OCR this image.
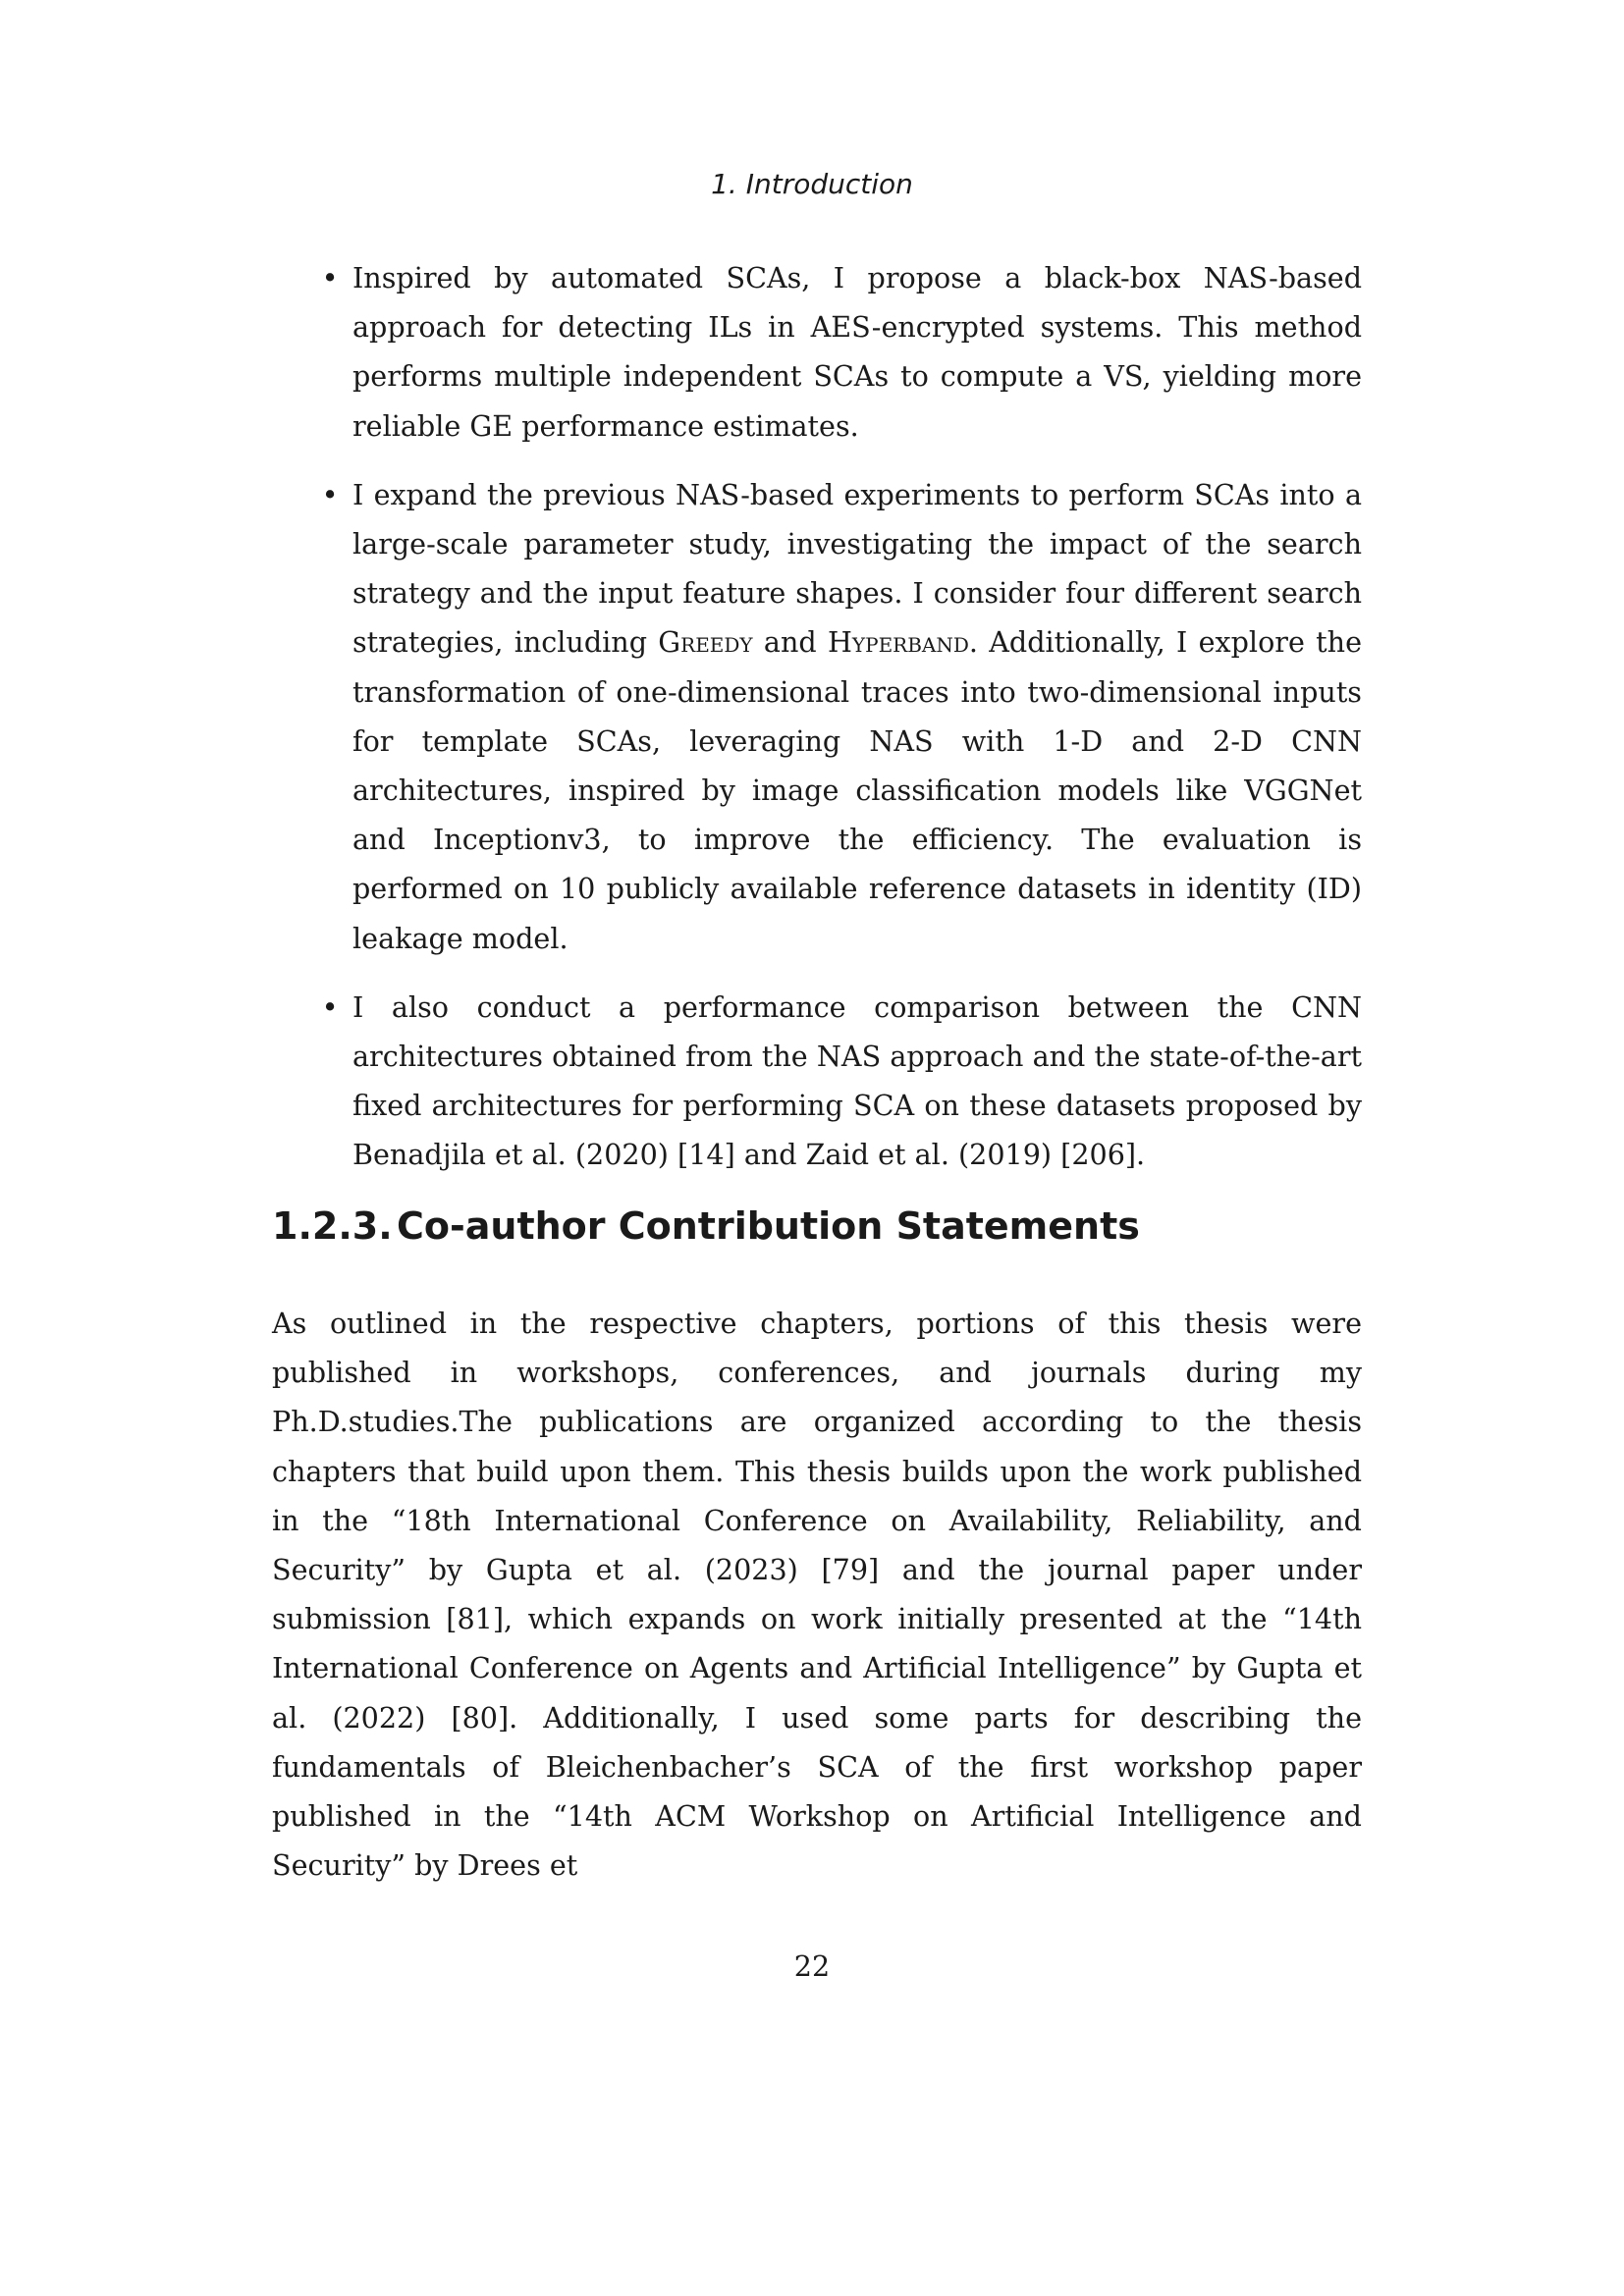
1. Introduction
• Inspired by automated SCAs, I propose a black-box NAS-based approach for detecting ILs in AES-encrypted systems. This method performs multiple independent SCAs to compute a VS, yielding more reliable GE performance estimates.
• I expand the previous NAS-based experiments to perform SCAs into a large-scale parameter study, investigating the impact of the search strategy and the input feature shapes. I consider four different search strategies, including Greedy and Hyperband. Additionally, I explore the transformation of one-dimensional traces into two-dimensional inputs for template SCAs, leveraging NAS with 1-D and 2-D CNN architectures, inspired by image classification models like VGGNet and Inceptionv3, to improve the efficiency. The evaluation is performed on 10 publicly available reference datasets in identity (ID) leakage model.
• I also conduct a performance comparison between the CNN architectures obtained from the NAS approach and the state-of-the-art fixed architectures for performing SCA on these datasets proposed by Benadjila et al. (2020) [14] and Zaid et al. (2019) [206].
1.2.3. Co-author Contribution Statements

As outlined in the respective chapters, portions of this thesis were published in workshops, conferences, and journals during my Ph.D.studies.The publications are organized according to the thesis chapters that build upon them. This thesis builds upon the work published in the “18th International Conference on Availability, Reliability, and Security” by Gupta et al. (2023) [79] and the journal paper under submission [81], which expands on work initially presented at the “14th International Conference on Agents and Artificial Intelligence” by Gupta et al. (2022) [80]. Additionally, I used some parts for describing the fundamentals of Bleichenbacher’s SCA of the first workshop paper published in the “14th ACM Workshop on Artificial Intelligence and Security” by Drees et

22
